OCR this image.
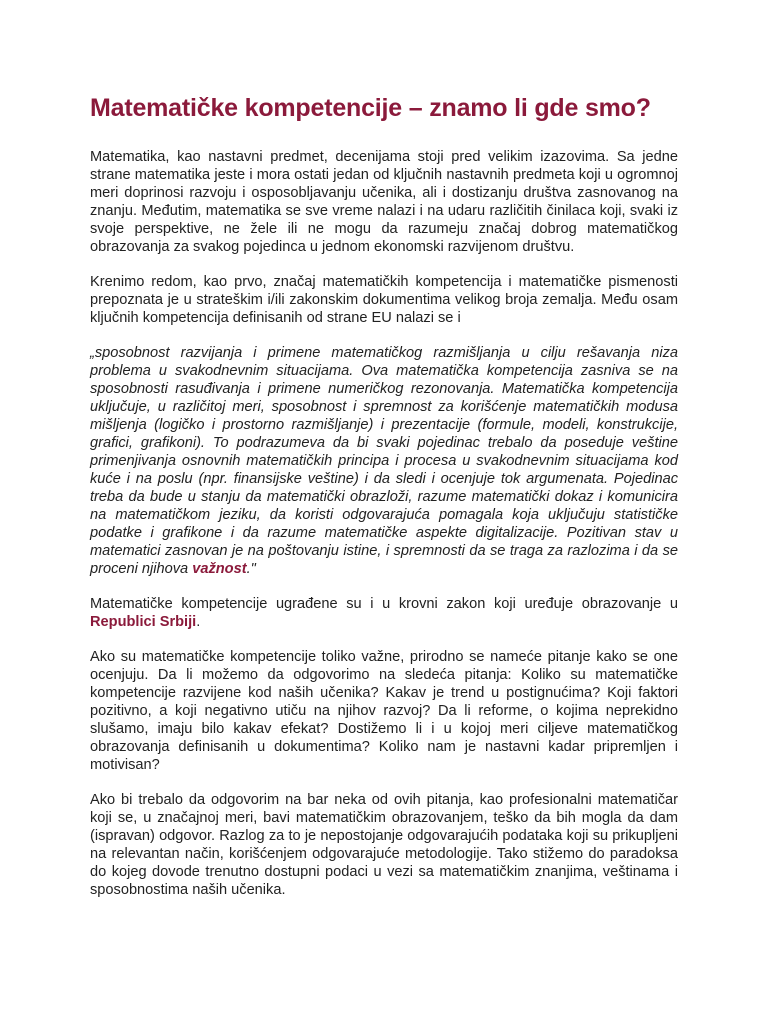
Matematičke kompetencije – znamo li gde smo?

Matematika, kao nastavni predmet, decenijama stoji pred velikim izazovima. Sa jedne strane matematika jeste i mora ostati jedan od ključnih nastavnih predmeta koji u ogromnoj meri doprinosi razvoju i osposobljavanju učenika, ali i dostizanju društva zasnovanog na znanju. Međutim, matematika se sve vreme nalazi i na udaru različitih činilaca koji, svaki iz svoje perspektive, ne žele ili ne mogu da razumeju značaj dobrog matematičkog obrazovanja za svakog pojedinca u jednom ekonomski razvijenom društvu.

Krenimo redom, kao prvo, značaj matematičkih kompetencija i matematičke pismenosti prepoznata je u strateškim i/ili zakonskim dokumentima velikog broja zemalja. Među osam ključnih kompetencija definisanih od strane EU nalazi se i

„sposobnost razvijanja i primene matematičkog razmišljanja u cilju rešavanja niza problema u svakodnevnim situacijama. Ova matematička kompetencija zasniva se na sposobnosti rasuđivanja i primene numeričkog rezonovanja. Matematička kompetencija uključuje, u različitoj meri, sposobnost i spremnost za korišćenje matematičkih modusa mišljenja (logičko i prostorno razmišljanje) i prezentacije (formule, modeli, konstrukcije, grafici, grafikoni). To podrazumeva da bi svaki pojedinac trebalo da poseduje veštine primenjivanja osnovnih matematičkih principa i procesa u svakodnevnim situacijama kod kuće i na poslu (npr. finansijske veštine) i da sledi i ocenjuje tok argumenata. Pojedinac treba da bude u stanju da matematički obrazloži, razume matematički dokaz i komunicira na matematičkom jeziku, da koristi odgovarajuća pomagala koja uključuju statističke podatke i grafikone i da razume matematičke aspekte digitalizacije. Pozitivan stav u matematici zasnovan je na poštovanju istine, i spremnosti da se traga za razlozima i da se proceni njihova važnost."

Matematičke kompetencije ugrađene su i u krovni zakon koji uređuje obrazovanje u Republici Srbiji.

Ako su matematičke kompetencije toliko važne, prirodno se nameće pitanje kako se one ocenjuju. Da li možemo da odgovorimo na sledeća pitanja: Koliko su matematičke kompetencije razvijene kod naših učenika? Kakav je trend u postignućima? Koji faktori pozitivno, a koji negativno utiču na njihov razvoj? Da li reforme, o kojima neprekidno slušamo, imaju bilo kakav efekat? Dostižemo li i u kojoj meri ciljeve matematičkog obrazovanja definisanih u dokumentima? Koliko nam je nastavni kadar pripremljen i motivisan?

Ako bi trebalo da odgovorim na bar neka od ovih pitanja, kao profesionalni matematičar koji se, u značajnoj meri, bavi matematičkim obrazovanjem, teško da bih mogla da dam (ispravan) odgovor. Razlog za to je nepostojanje odgovarajućih podataka koji su prikupljeni na relevantan način, korišćenjem odgovarajuće metodologije. Tako stižemo do paradoksa do kojeg dovode trenutno dostupni podaci u vezi sa matematičkim znanjima, veštinama i sposobnostima naših učenika.
